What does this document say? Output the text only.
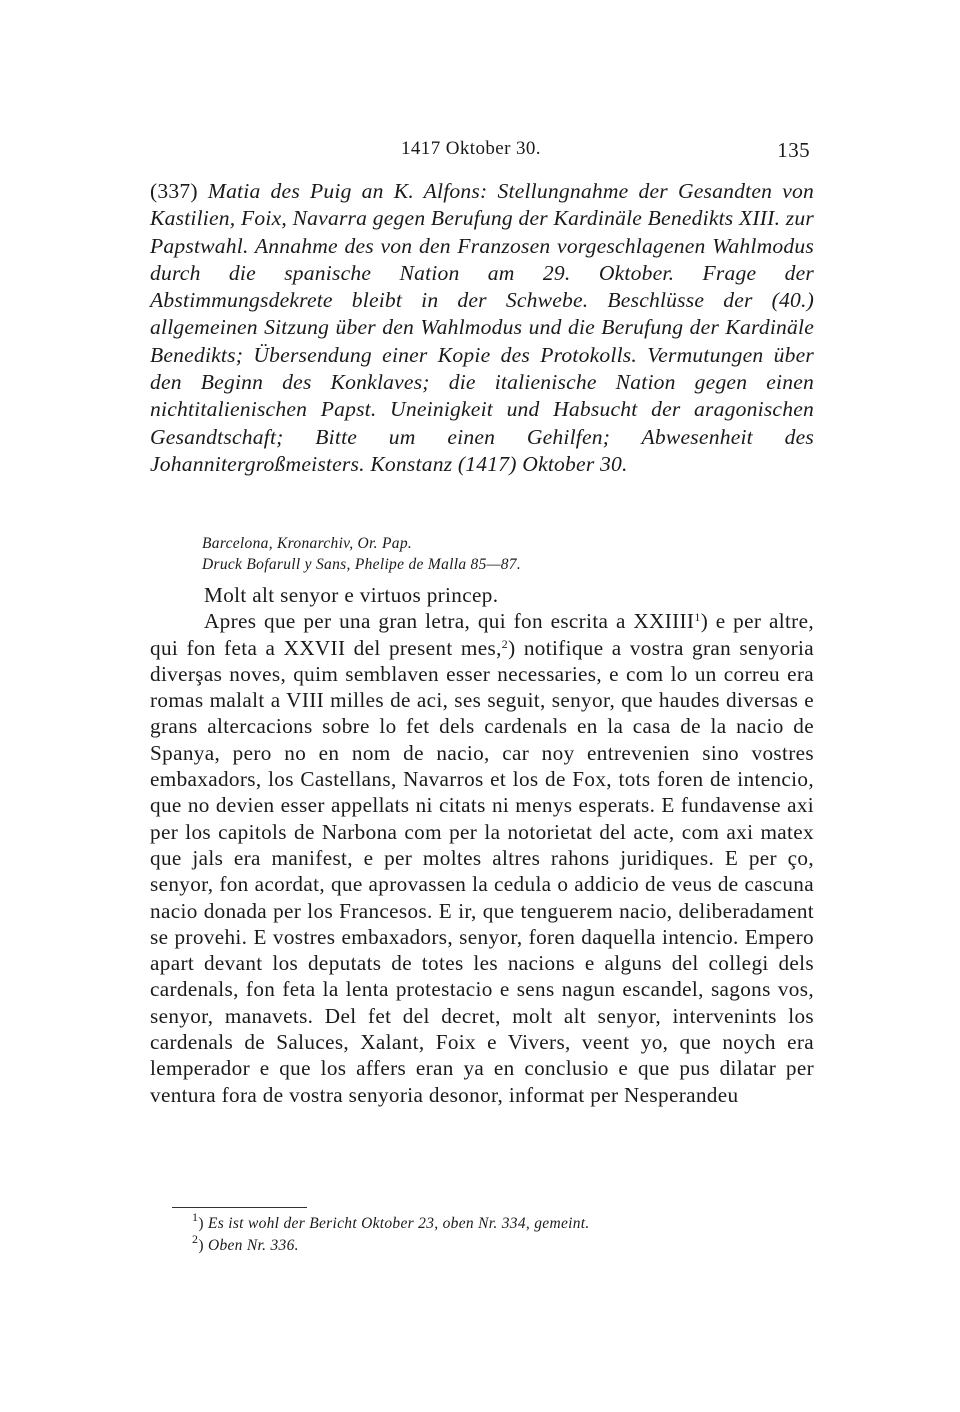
1417 Oktober 30.	135

(337) Matia des Puig an K. Alfons: Stellungnahme der Gesandten von Kastilien, Foix, Navarra gegen Berufung der Kardinäle Benedikts XIII. zur Papstwahl. Annahme des von den Franzosen vorgeschlagenen Wahlmodus durch die spanische Nation am 29. Oktober. Frage der Abstimmungsdekrete bleibt in der Schwebe. Beschlüsse der (40.) allgemeinen Sitzung über den Wahlmodus und die Berufung der Kardinäle Benedikts; Übersendung einer Kopie des Protokolls. Vermutungen über den Beginn des Konklaves; die italienische Nation gegen einen nichtitalienischen Papst. Uneinigkeit und Habsucht der aragonischen Gesandtschaft; Bitte um einen Gehilfen; Abwesenheit des Johannitergroßmeisters. Konstanz (1417) Oktober 30.

Barcelona, Kronarchiv, Or. Pap.
Druck Bofarull y Sans, Phelipe de Malla 85—87.

Molt alt senyor e virtuos princep.

Apres que per una gran letra, qui fon escrita a XXIIII$^1$) e per altre, qui fon feta a XXVII del present mes,$^2$) notifique a vostra gran senyoria diverşas noves, quim semblaven esser necessaries, e com lo un correu era romas malalt a VIII milles de aci, ses seguit, senyor, que haudes diversas e grans altercacions sobre lo fet dels cardenals en la casa de la nacio de Spanya, pero no en nom de nacio, car noy entrevenien sino vostres embaxadors, los Castellans, Navarros et los de Fox, tots foren de intencio, que no devien esser appellats ni citats ni menys esperats. E fundavense axi per los capitols de Narbona com per la notorietat del acte, com axi matex que jals era manifest, e per moltes altres rahons juridiques. E per ço, senyor, fon acordat, que aprovassen la cedula o addicio de veus de cascuna nacio donada per los Francesos. E ir, que tenguerem nacio, deliberadament se provehi. E vostres embaxadors, senyor, foren daquella intencio. Empero apart devant los deputats de totes les nacions e alguns del collegi dels cardenals, fon feta la lenta protestacio e sens nagun escandel, sagons vos, senyor, manavets. Del fet del decret, molt alt senyor, intervenints los cardenals de Saluces, Xalant, Foix e Vivers, veent yo, que noych era lemperador e que los affers eran ya en conclusio e que pus dilatar per ventura fora de vostra senyoria desonor, informat per Nesperandeu

$^1$) Es ist wohl der Bericht Oktober 23, oben Nr. 334, gemeint.
$^2$) Oben Nr. 336.
